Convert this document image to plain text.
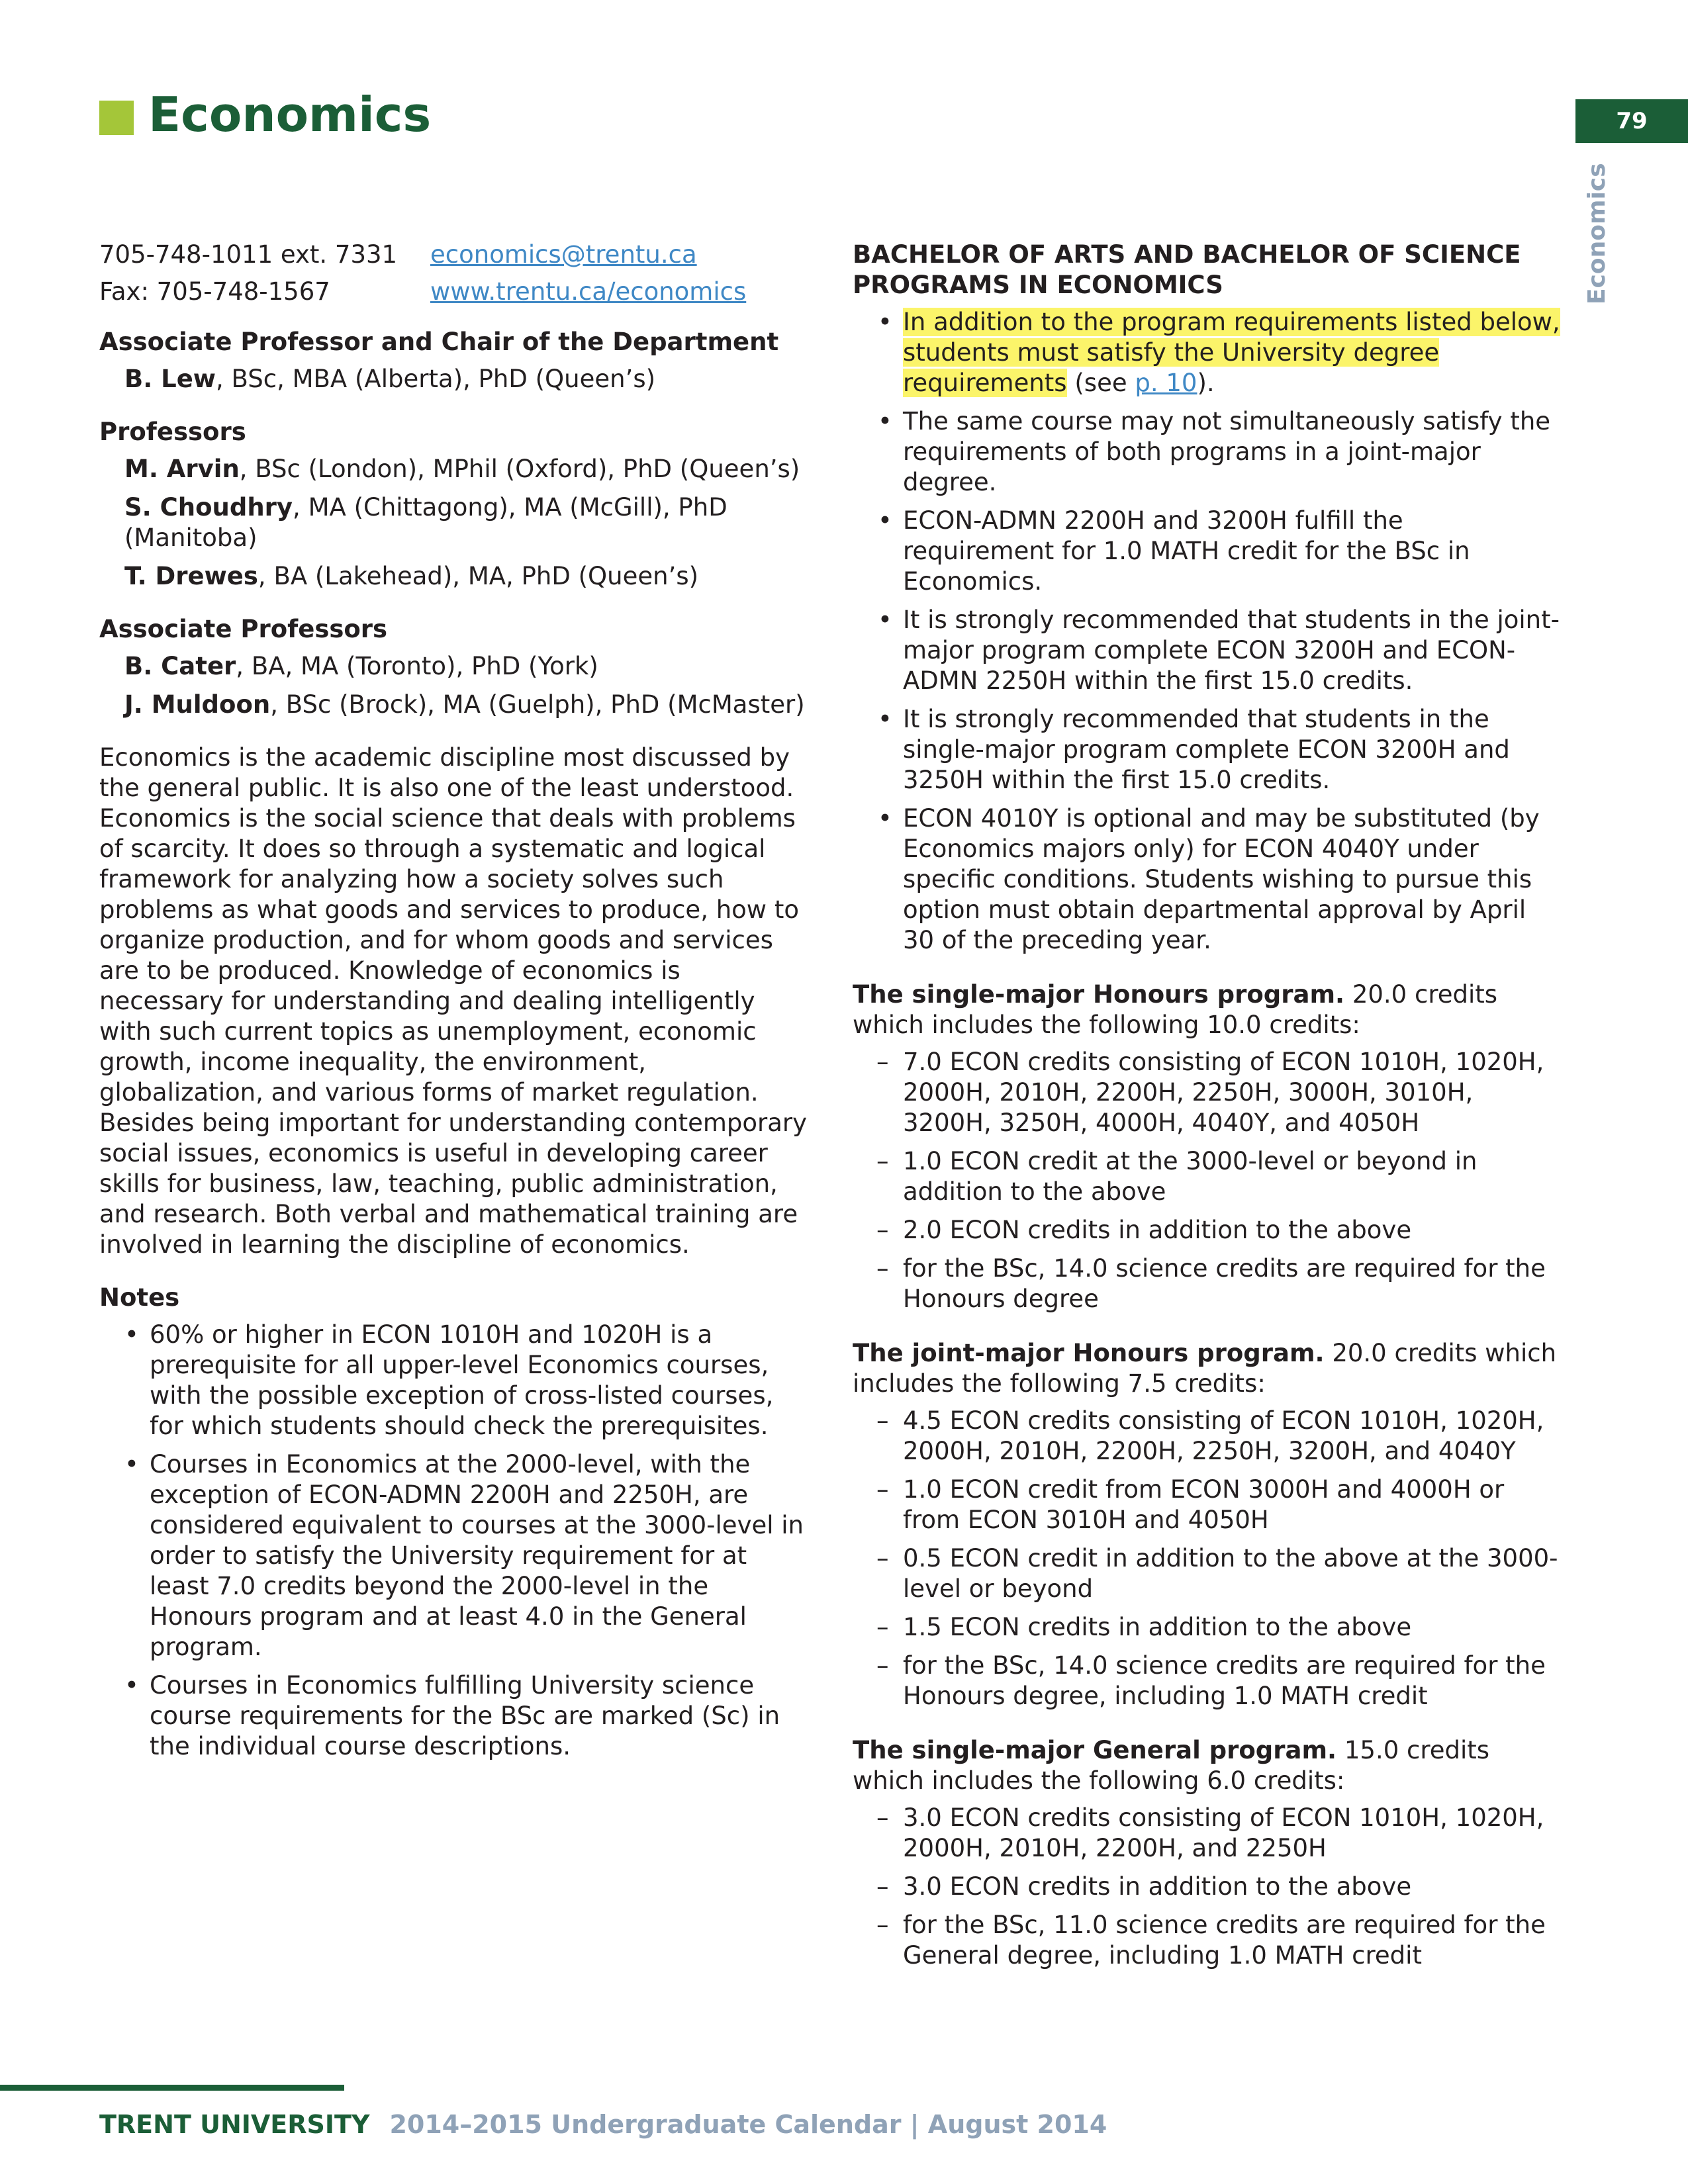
Economics	79
Economics
705-748-1011 ext. 7331	economics@trentu.ca
Fax: 705-748-1567	www.trentu.ca/economics
Associate Professor and Chair of the Department
B. Lew, BSc, MBA (Alberta), PhD (Queen’s)
Professors
M. Arvin, BSc (London), MPhil (Oxford), PhD (Queen’s)
S. Choudhry, MA (Chittagong), MA (McGill), PhD (Manitoba)
T. Drewes, BA (Lakehead), MA, PhD (Queen’s)
Associate Professors
B. Cater, BA, MA (Toronto), PhD (York)
J. Muldoon, BSc (Brock), MA (Guelph), PhD (McMaster)

Economics is the academic discipline most discussed by the general public. It is also one of the least understood. Economics is the social science that deals with problems of scarcity. It does so through a systematic and logical framework for analyzing how a society solves such problems as what goods and services to produce, how to organize production, and for whom goods and services are to be produced. Knowledge of economics is necessary for understanding and dealing intelligently with such current topics as unemployment, economic growth, income inequality, the environment, globalization, and various forms of market regulation. Besides being important for understanding contemporary social issues, economics is useful in developing career skills for business, law, teaching, public administration, and research. Both verbal and mathematical training are involved in learning the discipline of economics.

Notes
• 60% or higher in ECON 1010H and 1020H is a prerequisite for all upper-level Economics courses, with the possible exception of cross-listed courses, for which students should check the prerequisites.
• Courses in Economics at the 2000-level, with the exception of ECON-ADMN 2200H and 2250H, are considered equivalent to courses at the 3000-level in order to satisfy the University requirement for at least 7.0 credits beyond the 2000-level in the Honours program and at least 4.0 in the General program.
• Courses in Economics fulfilling University science course requirements for the BSc are marked (Sc) in the individual course descriptions.
BACHELOR OF ARTS AND BACHELOR OF SCIENCE PROGRAMS IN ECONOMICS
• In addition to the program requirements listed below, students must satisfy the University degree requirements (see p. 10).
• The same course may not simultaneously satisfy the requirements of both programs in a joint-major degree.
• ECON-ADMN 2200H and 3200H fulfill the requirement for 1.0 MATH credit for the BSc in Economics.
• It is strongly recommended that students in the joint-major program complete ECON 3200H and ECON-ADMN 2250H within the first 15.0 credits.
• It is strongly recommended that students in the single-major program complete ECON 3200H and 3250H within the first 15.0 credits.
• ECON 4010Y is optional and may be substituted (by Economics majors only) for ECON 4040Y under specific conditions. Students wishing to pursue this option must obtain departmental approval by April 30 of the preceding year.

The single-major Honours program. 20.0 credits which includes the following 10.0 credits:

– 7.0 ECON credits consisting of ECON 1010H, 1020H, 2000H, 2010H, 2200H, 2250H, 3000H, 3010H, 3200H, 3250H, 4000H, 4040Y, and 4050H
– 1.0 ECON credit at the 3000-level or beyond in addition to the above
– 2.0 ECON credits in addition to the above
– for the BSc, 14.0 science credits are required for the Honours degree

The joint-major Honours program. 20.0 credits which includes the following 7.5 credits:

– 4.5 ECON credits consisting of ECON 1010H, 1020H, 2000H, 2010H, 2200H, 2250H, 3200H, and 4040Y
– 1.0 ECON credit from ECON 3000H and 4000H or from ECON 3010H and 4050H
– 0.5 ECON credit in addition to the above at the 3000-level or beyond
– 1.5 ECON credits in addition to the above
– for the BSc, 14.0 science credits are required for the Honours degree, including 1.0 MATH credit

The single-major General program. 15.0 credits which includes the following 6.0 credits:

– 3.0 ECON credits consisting of ECON 1010H, 1020H, 2000H, 2010H, 2200H, and 2250H
– 3.0 ECON credits in addition to the above
– for the BSc, 11.0 science credits are required for the General degree, including 1.0 MATH credit
TRENT UNIVERSITY 2014–2015 Undergraduate Calendar | August 2014
